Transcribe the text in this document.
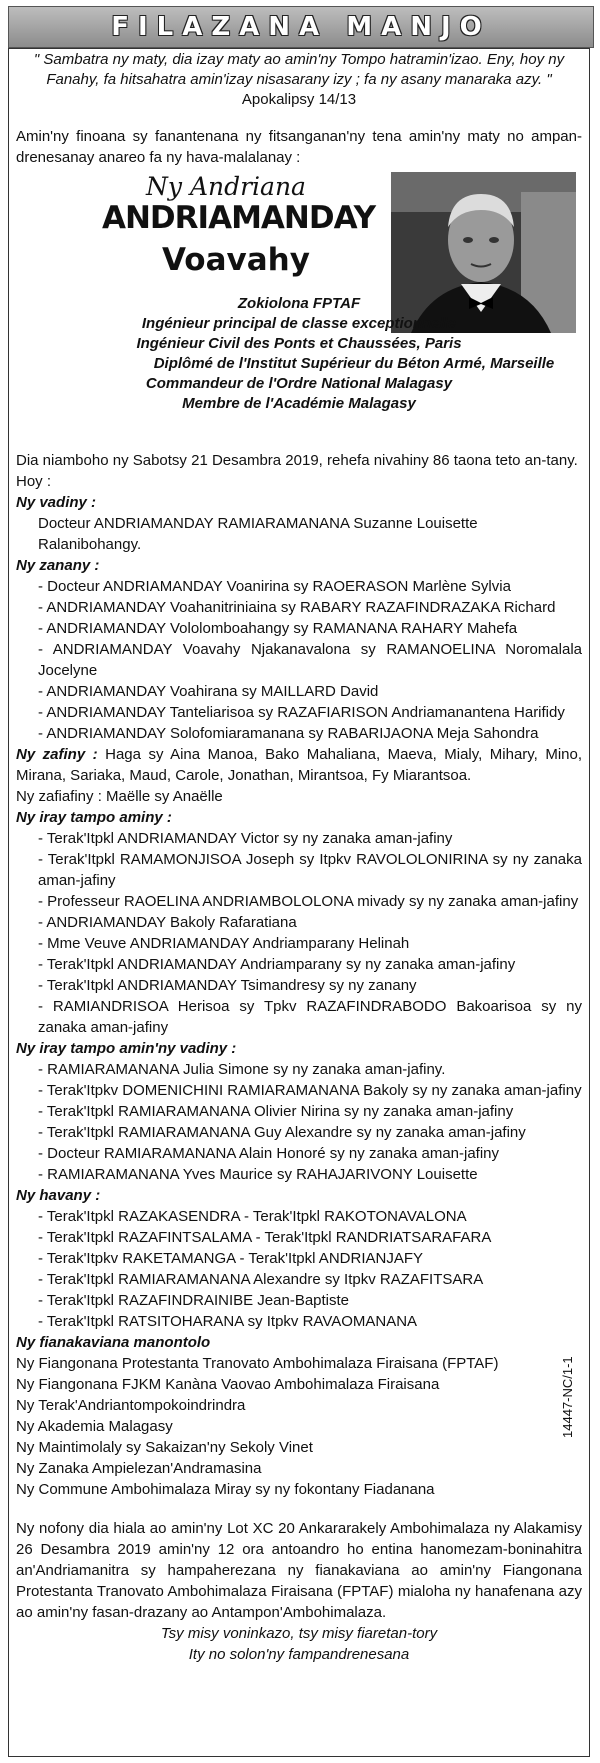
FILAZANA MANJO
" Sambatra ny maty, dia izay maty ao amin'ny Tompo hatramin'izao. Eny, hoy ny
Fanahy, fa hitsahatra amin'izay nisasarany izy ; fa ny asany manaraka azy. "
Apokalipsy 14/13

Amin'ny finoana sy fanantenana ny fitsanganan'ny tena amin'ny maty no ampan-drenesanay anareo fa ny hava-malalanay :

Ny Andriana
ANDRIAMANDAY
Voavahy
Zokiolona FPTAF
Ingénieur principal de classe exceptionnelle
Ingénieur Civil des Ponts et Chaussées, Paris
Diplômé de l'Institut Supérieur du Béton Armé, Marseille
Commandeur de l'Ordre National Malagasy
Membre de l'Académie Malagasy

Dia niamboho ny Sabotsy 21 Desambra 2019, rehefa nivahiny 86 taona teto an-tany.

Hoy :

Ny vadiny :

Docteur ANDRIAMANDAY RAMIARAMANANA Suzanne Louisette Ralanibohangy.

Ny zanany :

- Docteur ANDRIAMANDAY Voanirina sy RAOERASON Marlène Sylvia

- ANDRIAMANDAY Voahanitriniaina sy RABARY RAZAFINDRAZAKA Richard

- ANDRIAMANDAY Vololomboahangy sy RAMANANA RAHARY Mahefa

- ANDRIAMANDAY Voavahy Njakanavalona sy RAMANOELINA Noromalala Jocelyne

- ANDRIAMANDAY Voahirana sy MAILLARD David

- ANDRIAMANDAY Tanteliarisoa sy RAZAFIARISON Andriamanantena Harifidy

- ANDRIAMANDAY Solofomiaramanana sy RABARIJAONA Meja Sahondra

Ny zafiny : Haga sy Aina Manoa, Bako Mahaliana, Maeva, Mialy, Mihary, Mino, Mirana, Sariaka, Maud, Carole, Jonathan, Mirantsoa, Fy Miarantsoa.

Ny zafiafiny : Maëlle sy Anaëlle

Ny iray tampo aminy :

- Terak'Itpkl ANDRIAMANDAY Victor sy ny zanaka aman-jafiny

- Terak'Itpkl RAMAMONJISOA Joseph sy Itpkv RAVOLOLONIRINA sy ny zanaka aman-jafiny

- Professeur RAOELINA ANDRIAMBOLOLONA mivady sy ny zanaka aman-jafiny

- ANDRIAMANDAY Bakoly Rafaratiana

- Mme Veuve ANDRIAMANDAY Andriamparany Helinah

- Terak'Itpkl ANDRIAMANDAY Andriamparany sy ny zanaka aman-jafiny

- Terak'Itpkl ANDRIAMANDAY Tsimandresy sy ny zanany

- RAMIANDRISOA Herisoa sy Tpkv RAZAFINDRABODO Bakoarisoa sy ny zanaka aman-jafiny

Ny iray tampo amin'ny vadiny :

- RAMIARAMANANA Julia Simone sy ny zanaka aman-jafiny.

- Terak'Itpkv DOMENICHINI RAMIARAMANANA Bakoly sy ny zanaka aman-jafiny

- Terak'Itpkl RAMIARAMANANA Olivier Nirina sy ny zanaka aman-jafiny

- Terak'Itpkl RAMIARAMANANA Guy Alexandre sy ny zanaka aman-jafiny

- Docteur RAMIARAMANANA Alain Honoré sy ny zanaka aman-jafiny

- RAMIARAMANANA Yves Maurice sy RAHAJARIVONY Louisette

Ny havany :

- Terak'Itpkl RAZAKASENDRA - Terak'Itpkl RAKOTONAVALONA

- Terak'Itpkl RAZAFINTSALAMA - Terak'Itpkl RANDRIATSARAFARA

- Terak'Itpkv RAKETAMANGA - Terak'Itpkl ANDRIANJAFY

- Terak'Itpkl RAMIARAMANANA Alexandre sy Itpkv RAZAFITSARA

- Terak'Itpkl RAZAFINDRAINIBE Jean-Baptiste

- Terak'Itpkl RATSITOHARANA sy Itpkv RAVAOMANANA

Ny fianakaviana manontolo

Ny Fiangonana Protestanta Tranovato Ambohimalaza Firaisana (FPTAF)

Ny Fiangonana FJKM Kanàna Vaovao Ambohimalaza Firaisana

Ny Terak'Andriantompokoindrindra

Ny Akademia Malagasy

Ny Maintimolaly sy Sakaizan'ny Sekoly Vinet

Ny Zanaka Ampielezan'Andramasina

Ny Commune Ambohimalaza Miray sy ny fokontany Fiadanana

Ny nofony dia hiala ao amin'ny Lot XC 20 Ankararakely Ambohimalaza ny Alakamisy 26 Desambra 2019 amin'ny 12 ora antoandro ho entina hanomezam-boninahitra an'Andriamanitra sy hampaherezana ny fianakaviana ao amin'ny Fiangonana Protestanta Tranovato Ambohimalaza Firaisana (FPTAF) mialoha ny hanafenana azy ao amin'ny fasan-drazany ao Antampon'Ambohimalaza.

Tsy misy voninkazo, tsy misy fiaretan-tory
Ity no solon'ny fampandrenesana
14447-NC/1-1
